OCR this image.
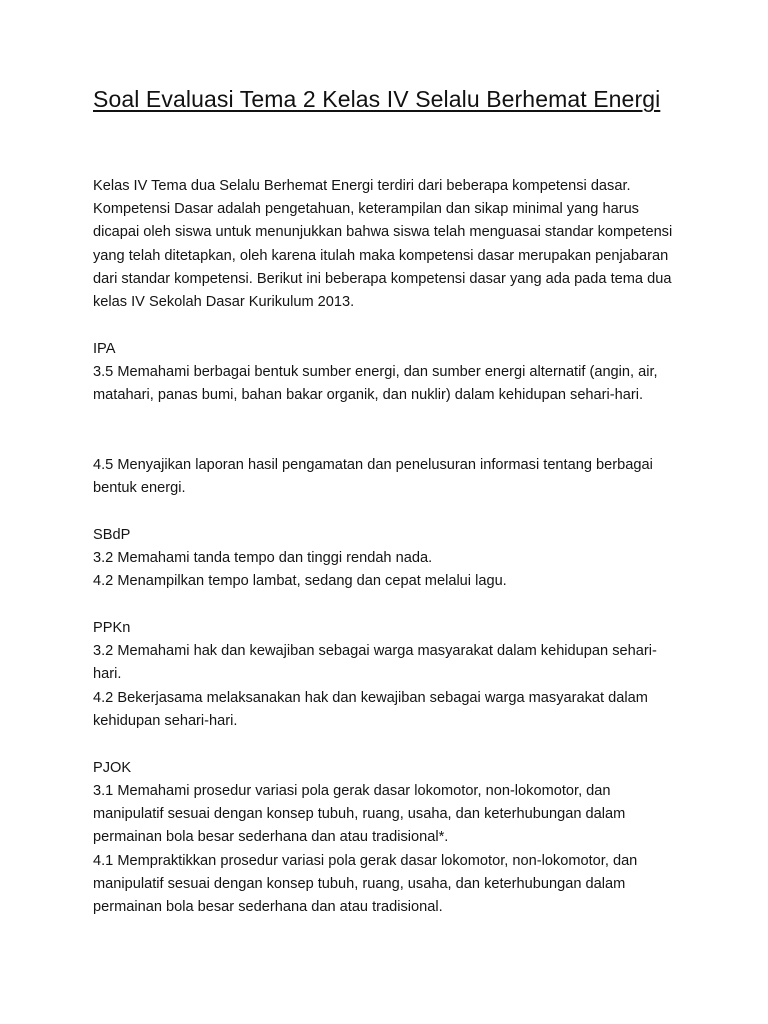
Soal Evaluasi Tema 2 Kelas IV Selalu Berhemat Energi

Kelas IV Tema dua Selalu Berhemat Energi terdiri dari beberapa kompetensi dasar. Kompetensi Dasar adalah pengetahuan, keterampilan dan sikap minimal yang harus dicapai oleh siswa untuk menunjukkan bahwa siswa telah menguasai standar kompetensi yang telah ditetapkan, oleh karena itulah maka kompetensi dasar merupakan penjabaran dari standar kompetensi. Berikut ini beberapa kompetensi dasar yang ada pada tema dua kelas IV Sekolah Dasar Kurikulum 2013.

IPA

3.5 Memahami berbagai bentuk sumber energi, dan sumber energi alternatif (angin, air, matahari, panas bumi, bahan bakar organik, dan nuklir) dalam kehidupan sehari-hari.

4.5 Menyajikan laporan hasil pengamatan dan penelusuran informasi tentang berbagai bentuk energi.

SBdP

3.2 Memahami tanda tempo dan tinggi rendah nada.

4.2 Menampilkan tempo lambat, sedang dan cepat melalui lagu.

PPKn

3.2 Memahami hak dan kewajiban sebagai warga masyarakat dalam kehidupan sehari-hari.

4.2 Bekerjasama melaksanakan hak dan kewajiban sebagai warga masyarakat dalam kehidupan sehari-hari.

PJOK

3.1 Memahami prosedur variasi pola gerak dasar lokomotor, non-lokomotor, dan manipulatif sesuai dengan konsep tubuh, ruang, usaha, dan keterhubungan dalam permainan bola besar sederhana dan atau tradisional*.

4.1 Mempraktikkan prosedur variasi pola gerak dasar lokomotor, non-lokomotor, dan manipulatif sesuai dengan konsep tubuh, ruang, usaha, dan keterhubungan dalam permainan bola besar sederhana dan atau tradisional.
